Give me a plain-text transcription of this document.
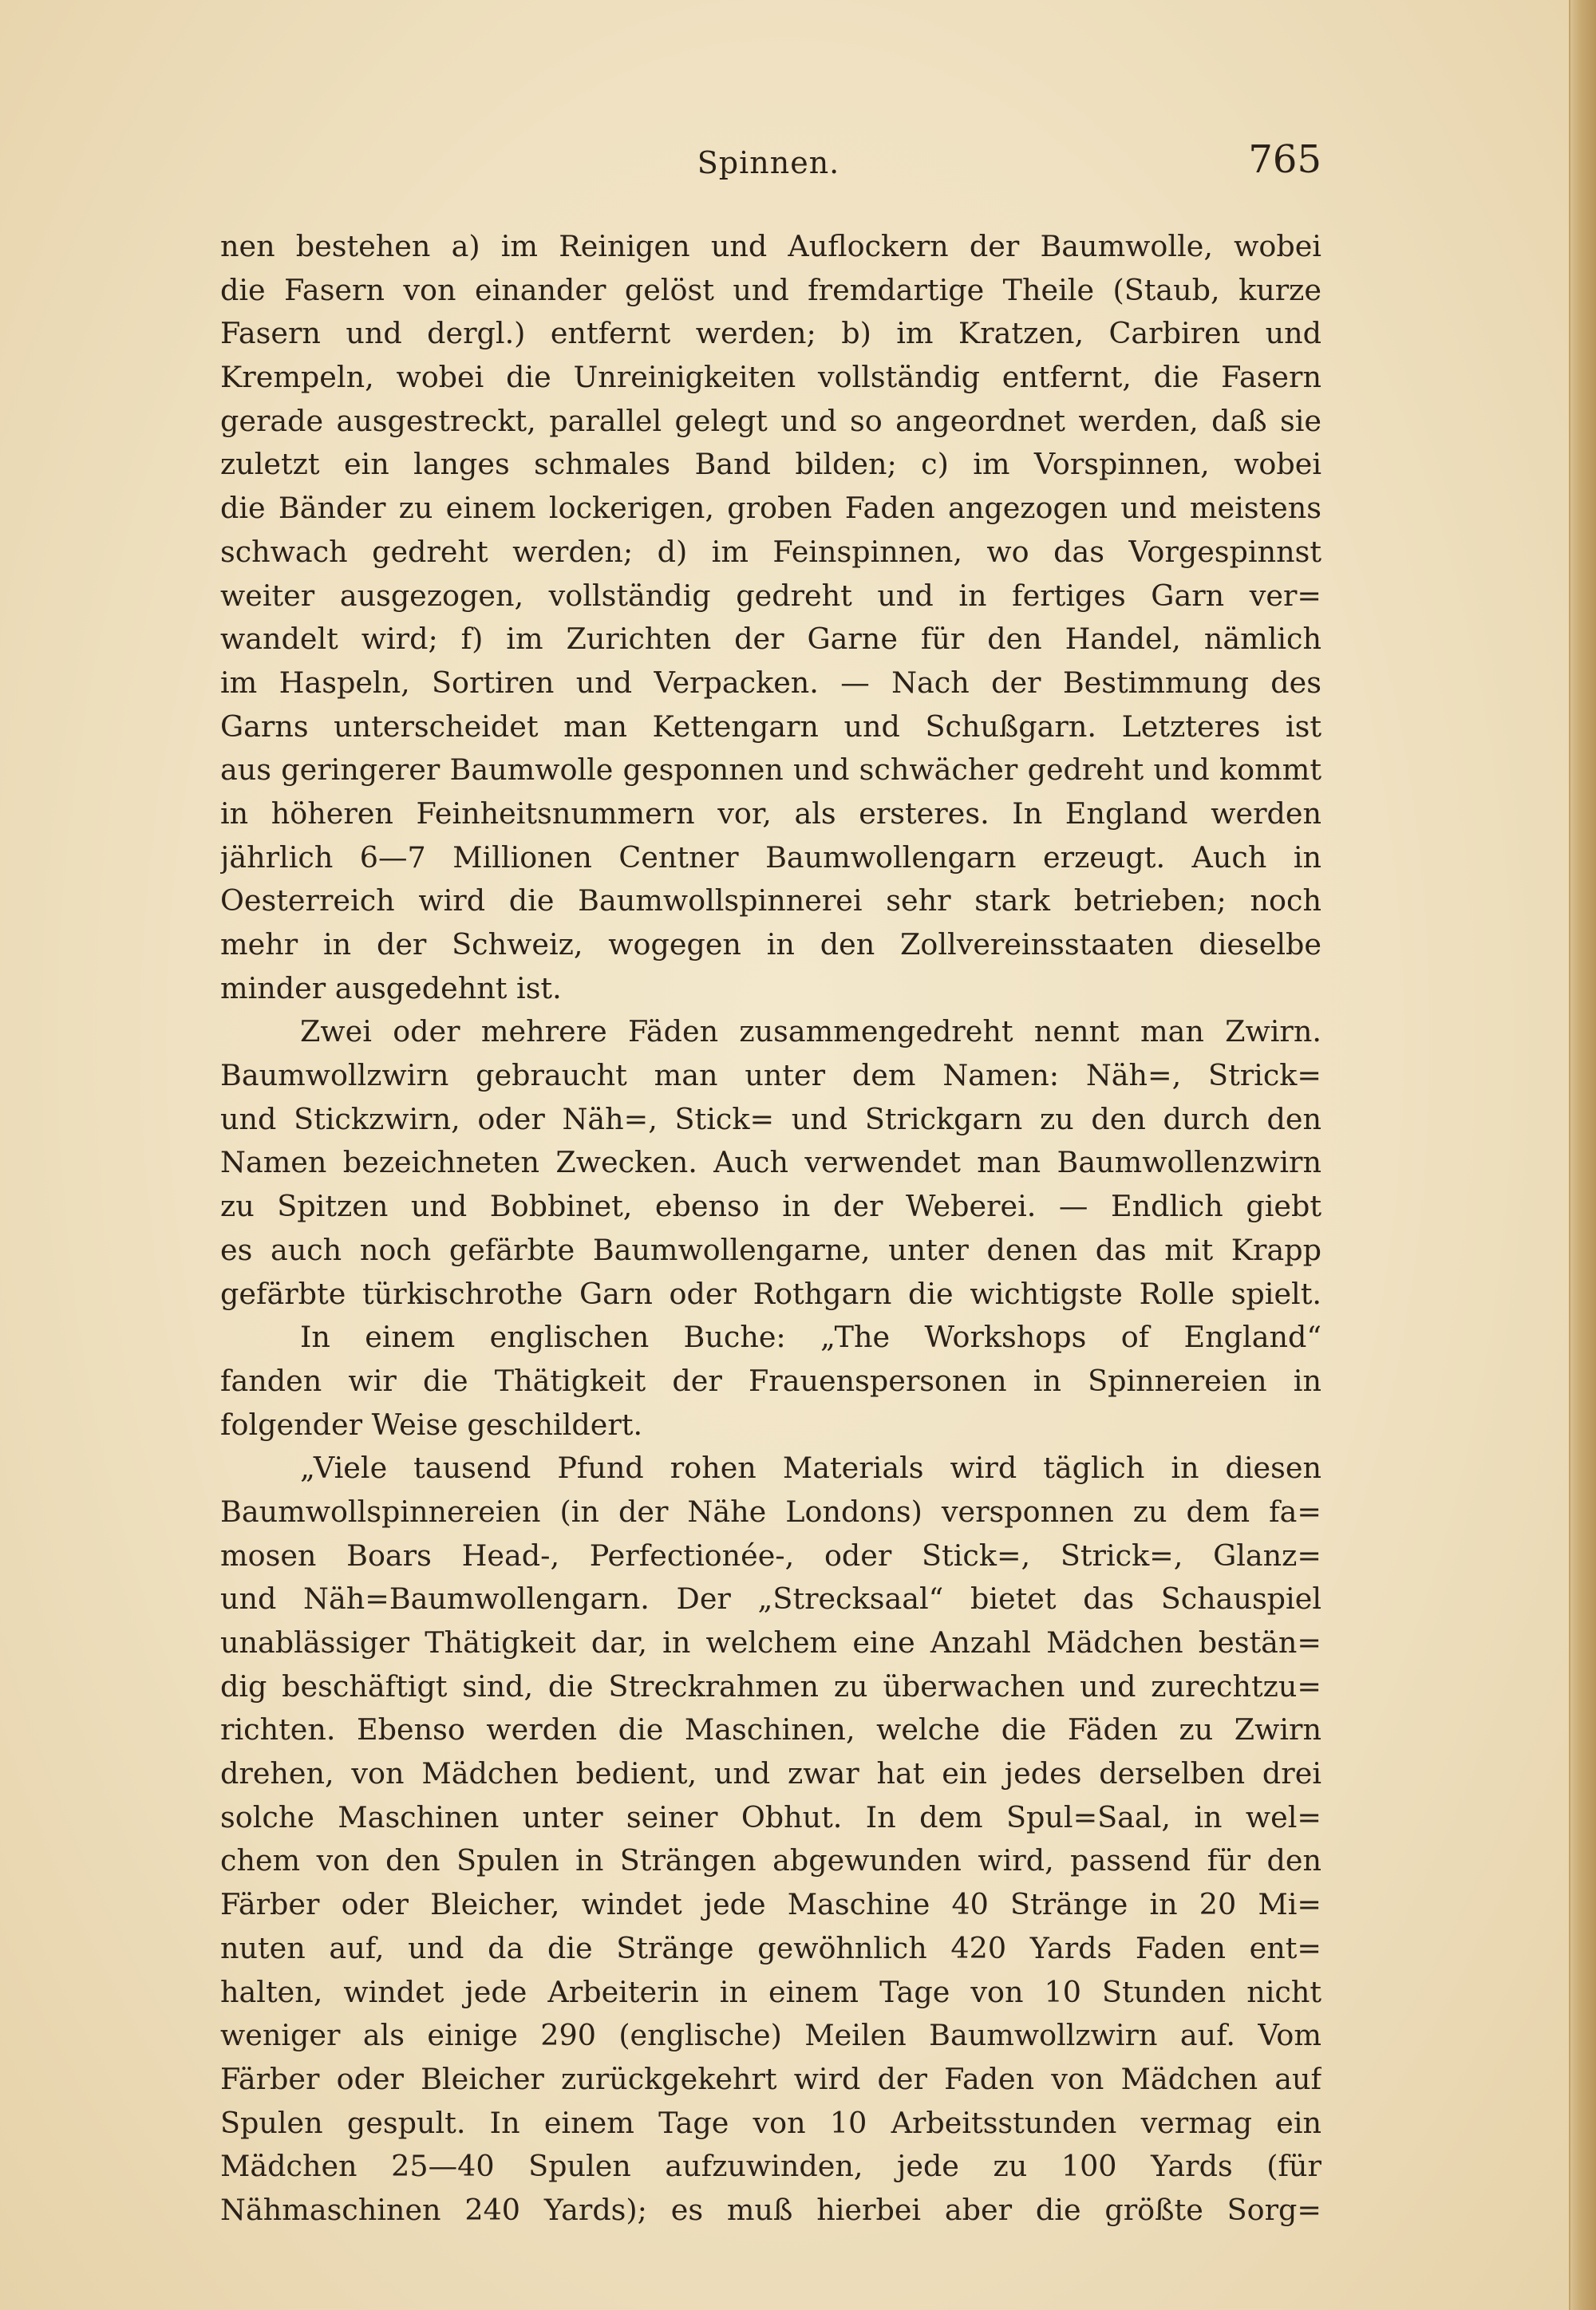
Spinnen.	765
nen bestehen a) im Reinigen und Auflockern der Baumwolle, wobei
die Fasern von einander gelöst und fremdartige Theile (Staub, kurze
Fasern und dergl.) entfernt werden; b) im Kratzen, Carbiren und
Krempeln, wobei die Unreinigkeiten vollständig entfernt, die Fasern
gerade ausgestreckt, parallel gelegt und so angeordnet werden, daß sie
zuletzt ein langes schmales Band bilden; c) im Vorspinnen, wobei
die Bänder zu einem lockerigen, groben Faden angezogen und meistens
schwach gedreht werden; d) im Feinspinnen, wo das Vorgespinnst
weiter ausgezogen, vollständig gedreht und in fertiges Garn ver=
wandelt wird; f) im Zurichten der Garne für den Handel, nämlich
im Haspeln, Sortiren und Verpacken. — Nach der Bestimmung des
Garns unterscheidet man Kettengarn und Schußgarn. Letzteres ist
aus geringerer Baumwolle gesponnen und schwächer gedreht und kommt
in höheren Feinheitsnummern vor, als ersteres. In England werden
jährlich 6—7 Millionen Centner Baumwollengarn erzeugt. Auch in
Oesterreich wird die Baumwollspinnerei sehr stark betrieben; noch
mehr in der Schweiz, wogegen in den Zollvereinsstaaten dieselbe
minder ausgedehnt ist.
Zwei oder mehrere Fäden zusammengedreht nennt man Zwirn.
Baumwollzwirn gebraucht man unter dem Namen: Näh=, Strick=
und Stickzwirn, oder Näh=, Stick= und Strickgarn zu den durch den
Namen bezeichneten Zwecken. Auch verwendet man Baumwollenzwirn
zu Spitzen und Bobbinet, ebenso in der Weberei. — Endlich giebt
es auch noch gefärbte Baumwollengarne, unter denen das mit Krapp
gefärbte türkischrothe Garn oder Rothgarn die wichtigste Rolle spielt.
In einem englischen Buche: „The Workshops of England“
fanden wir die Thätigkeit der Frauenspersonen in Spinnereien in
folgender Weise geschildert.
„Viele tausend Pfund rohen Materials wird täglich in diesen
Baumwollspinnereien (in der Nähe Londons) versponnen zu dem fa=
mosen Boars Head-, Perfectionée-, oder Stick=, Strick=, Glanz=
und Näh=Baumwollengarn. Der „Strecksaal“ bietet das Schauspiel
unablässiger Thätigkeit dar, in welchem eine Anzahl Mädchen bestän=
dig beschäftigt sind, die Streckrahmen zu überwachen und zurechtzu=
richten. Ebenso werden die Maschinen, welche die Fäden zu Zwirn
drehen, von Mädchen bedient, und zwar hat ein jedes derselben drei
solche Maschinen unter seiner Obhut. In dem Spul=Saal, in wel=
chem von den Spulen in Strängen abgewunden wird, passend für den
Färber oder Bleicher, windet jede Maschine 40 Stränge in 20 Mi=
nuten auf, und da die Stränge gewöhnlich 420 Yards Faden ent=
halten, windet jede Arbeiterin in einem Tage von 10 Stunden nicht
weniger als einige 290 (englische) Meilen Baumwollzwirn auf. Vom
Färber oder Bleicher zurückgekehrt wird der Faden von Mädchen auf
Spulen gespult. In einem Tage von 10 Arbeitsstunden vermag ein
Mädchen 25—40 Spulen aufzuwinden, jede zu 100 Yards (für
Nähmaschinen 240 Yards); es muß hierbei aber die größte Sorg=
